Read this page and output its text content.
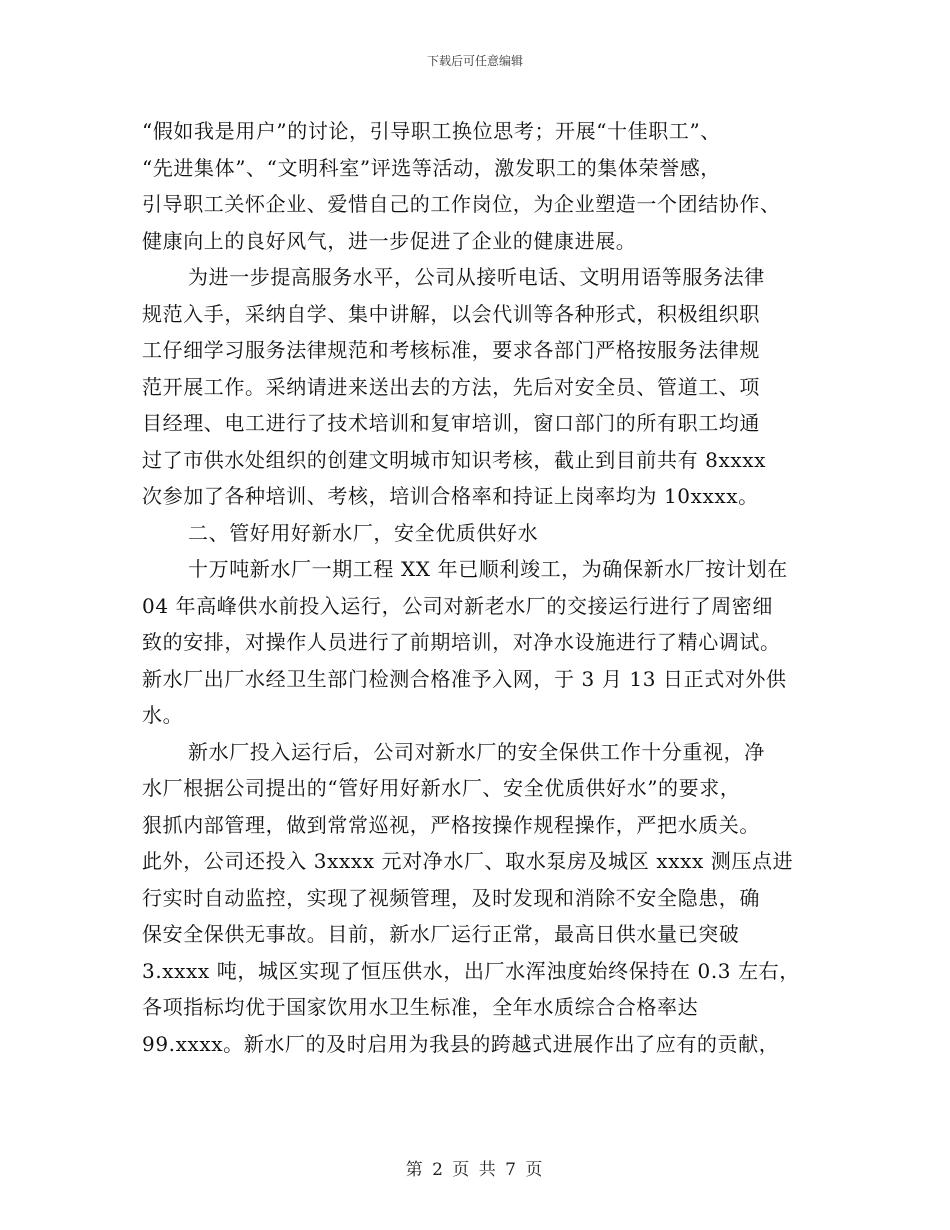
下载后可任意编辑
“假如我是用户”的讨论，引导职工换位思考；开展“十佳职工”、
“先进集体”、“文明科室”评选等活动，激发职工的集体荣誉感，
引导职工关怀企业、爱惜自己的工作岗位，为企业塑造一个团结协作、
健康向上的良好风气，进一步促进了企业的健康进展。
为进一步提高服务水平，公司从接听电话、文明用语等服务法律
规范入手，采纳自学、集中讲解，以会代训等各种形式，积极组织职
工仔细学习服务法律规范和考核标准，要求各部门严格按服务法律规
范开展工作。采纳请进来送出去的方法，先后对安全员、管道工、项
目经理、电工进行了技术培训和复审培训，窗口部门的所有职工均通
过了市供水处组织的创建文明城市知识考核，截止到目前共有 8xxxx
次参加了各种培训、考核，培训合格率和持证上岗率均为 10xxxx。
二、管好用好新水厂，安全优质供好水
十万吨新水厂一期工程 XX 年已顺利竣工，为确保新水厂按计划在
04 年高峰供水前投入运行，公司对新老水厂的交接运行进行了周密细
致的安排，对操作人员进行了前期培训，对净水设施进行了精心调试。
新水厂出厂水经卫生部门检测合格准予入网，于 3 月 13 日正式对外供
水。
新水厂投入运行后，公司对新水厂的安全保供工作十分重视，净
水厂根据公司提出的“管好用好新水厂、安全优质供好水”的要求，
狠抓内部管理，做到常常巡视，严格按操作规程操作，严把水质关。
此外，公司还投入 3xxxx 元对净水厂、取水泵房及城区 xxxx 测压点进
行实时自动监控，实现了视频管理，及时发现和消除不安全隐患，确
保安全保供无事故。目前，新水厂运行正常，最高日供水量已突破
3.xxxx 吨，城区实现了恒压供水，出厂水浑浊度始终保持在 0.3 左右，
各项指标均优于国家饮用水卫生标准，全年水质综合合格率达
99.xxxx。新水厂的及时启用为我县的跨越式进展作出了应有的贡献，
第 2 页 共 7 页
